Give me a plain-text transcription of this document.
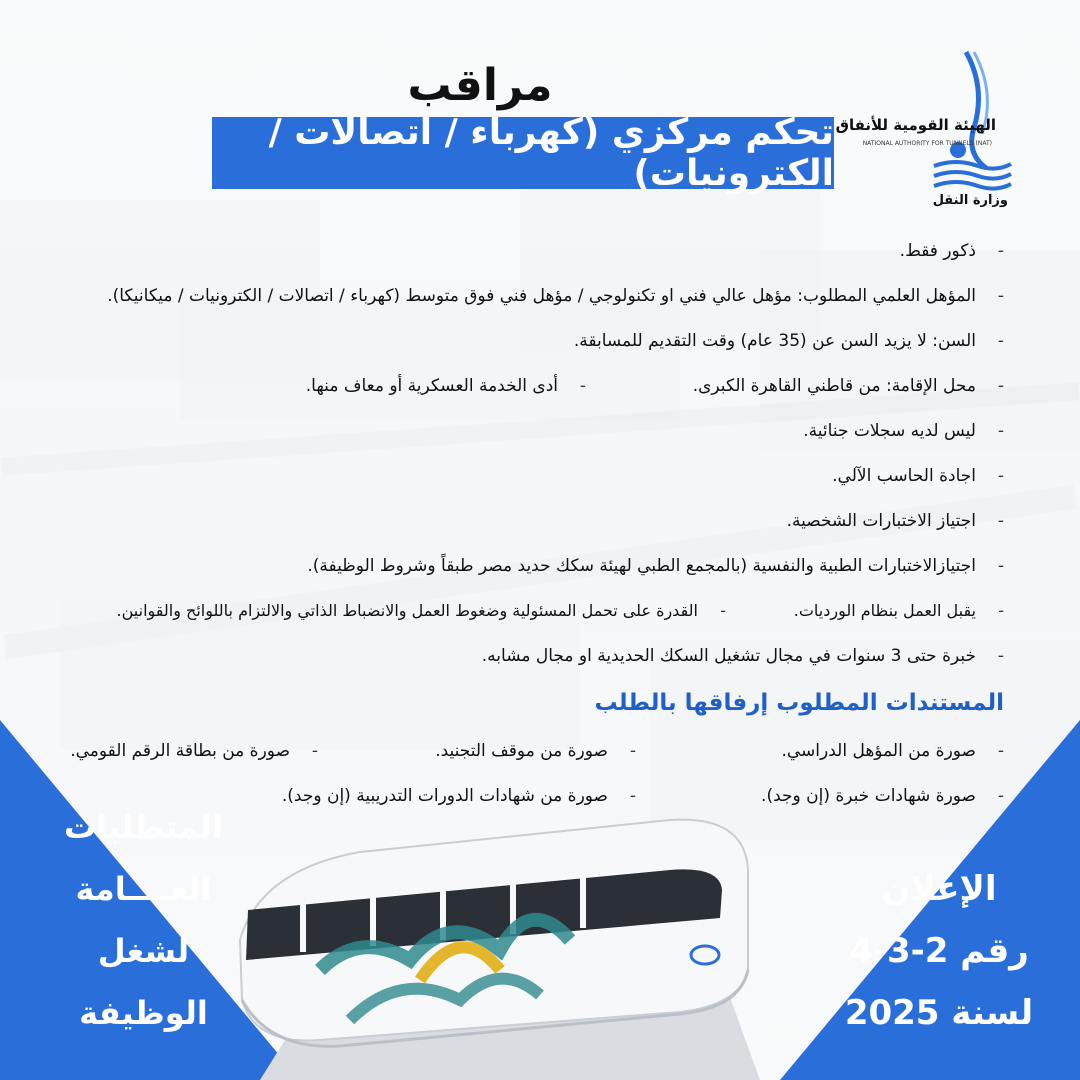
مراقب
تحكم مركزي (كهرباء / اتصالات / الكترونيات)
الهيئة القومية للأنفاق
NATIONAL AUTHORITY FOR TUNNELS (NAT)
وزارة النقل
-
ذكور فقط.
-
المؤهل العلمي المطلوب: مؤهل عالي فني او تكنولوجي / مؤهل فني فوق متوسط (كهرباء / اتصالات / الكترونيات / ميكانيكا).
-
السن: لا يزيد السن عن (35 عام) وقت التقديم للمسابقة.
-
محل الإقامة: من قاطني القاهرة الكبرى.
-
أدى الخدمة العسكرية أو معاف منها.
-
ليس لديه سجلات جنائية.
-
اجادة الحاسب الآلي.
-
اجتياز الاختبارات الشخصية.
-
اجتيازالاختبارات الطبية والنفسية (بالمجمع الطبي لهيئة سكك حديد مصر طبقاً وشروط الوظيفة).
-
يقبل العمل بنظام الورديات.
-
القدرة على تحمل المسئولية وضغوط العمل والانضباط الذاتي والالتزام باللوائح والقوانين.
-
خبرة حتى 3 سنوات في مجال تشغيل السكك الحديدية او مجال مشابه.
المستندات المطلوب إرفاقها بالطلب
-
صورة من المؤهل الدراسي.
-
صورة من موقف التجنيد.
-
صورة من بطاقة الرقم القومي.
-
صورة شهادات خبرة (إن وجد).
-
صورة من شهادات الدورات التدريبية (إن وجد).
المتطلبات
العــــامة
لشغل الوظيفة
الإعلان
رقم 2-3-4
لسنة 2025
